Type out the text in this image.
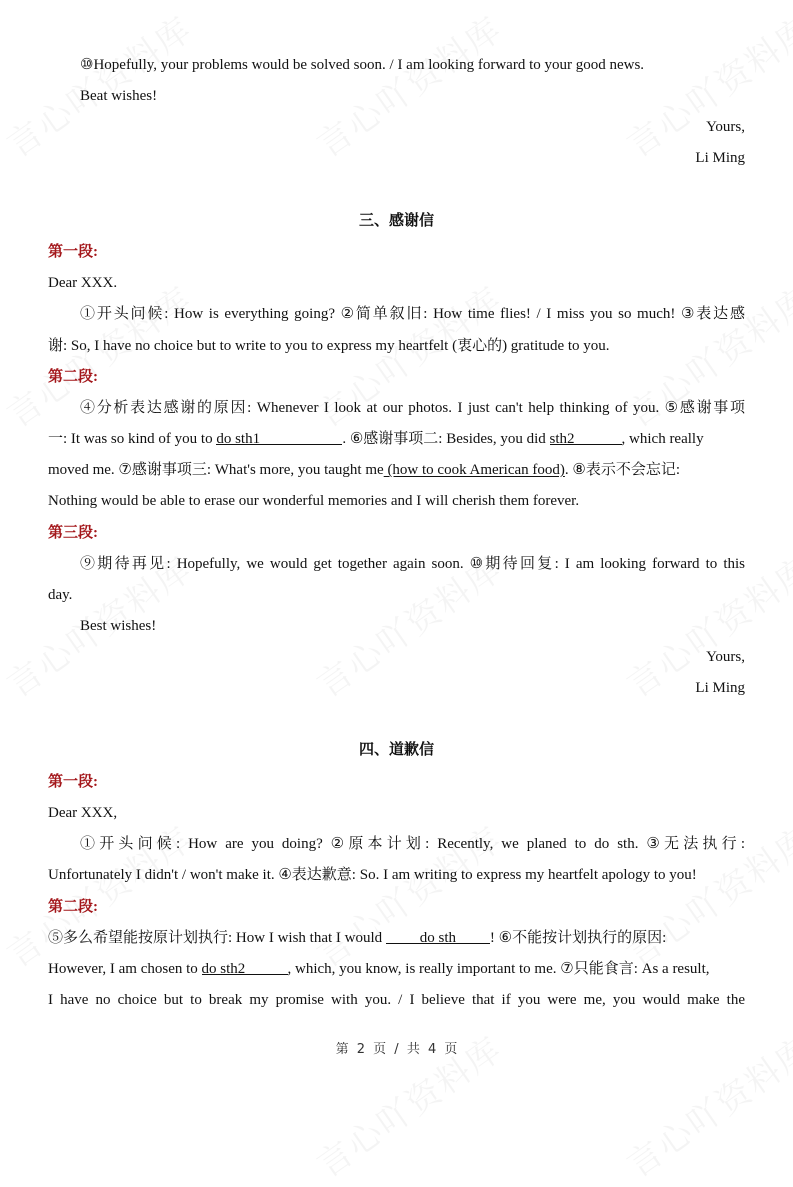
⑩Hopefully, your problems would be solved soon. / I am looking forward to your good news.
Beat wishes!
Yours,
Li Ming
三、感谢信
第一段:
Dear XXX.
①开头问候: How is everything going? ②简单叙旧: How time flies! / I miss you so much! ③表达感
谢: So, I have no choice but to write to you to express my heartfelt (衷心的) gratitude to you.
第二段:
④分析表达感谢的原因: Whenever I look at our photos. I just can't help thinking of you. ⑤感谢事项
一: It was so kind of you to do sth1	. ⑥感谢事项二: Besides, you did sth2	, which really
moved me. ⑦感谢事项三: What's more, you taught me (how to cook American food). ⑧表示不会忘记:
Nothing would be able to erase our wonderful memories and I will cherish them forever.
第三段:
⑨期待再见: Hopefully, we would get together again soon. ⑩期待回复: I am looking forward to this
day.
Best wishes!
Yours,
Li Ming
四、道歉信
第一段:
Dear XXX,
①开头问候: How are you doing? ②原本计划: Recently, we planed to do sth. ③无法执行:
Unfortunately I didn't / won't make it. ④表达歉意: So. I am writing to express my heartfelt apology to you!
第二段:
⑤多么希望能按原计划执行: How I wish that I would do sth ! ⑥不能按计划执行的原因:
However, I am chosen to do sth2	, which, you know, is really important to me. ⑦只能食言: As a result,
I have no choice but to break my promise with you. / I believe that if you were me, you would make the
第 2 页 / 共 4 页
